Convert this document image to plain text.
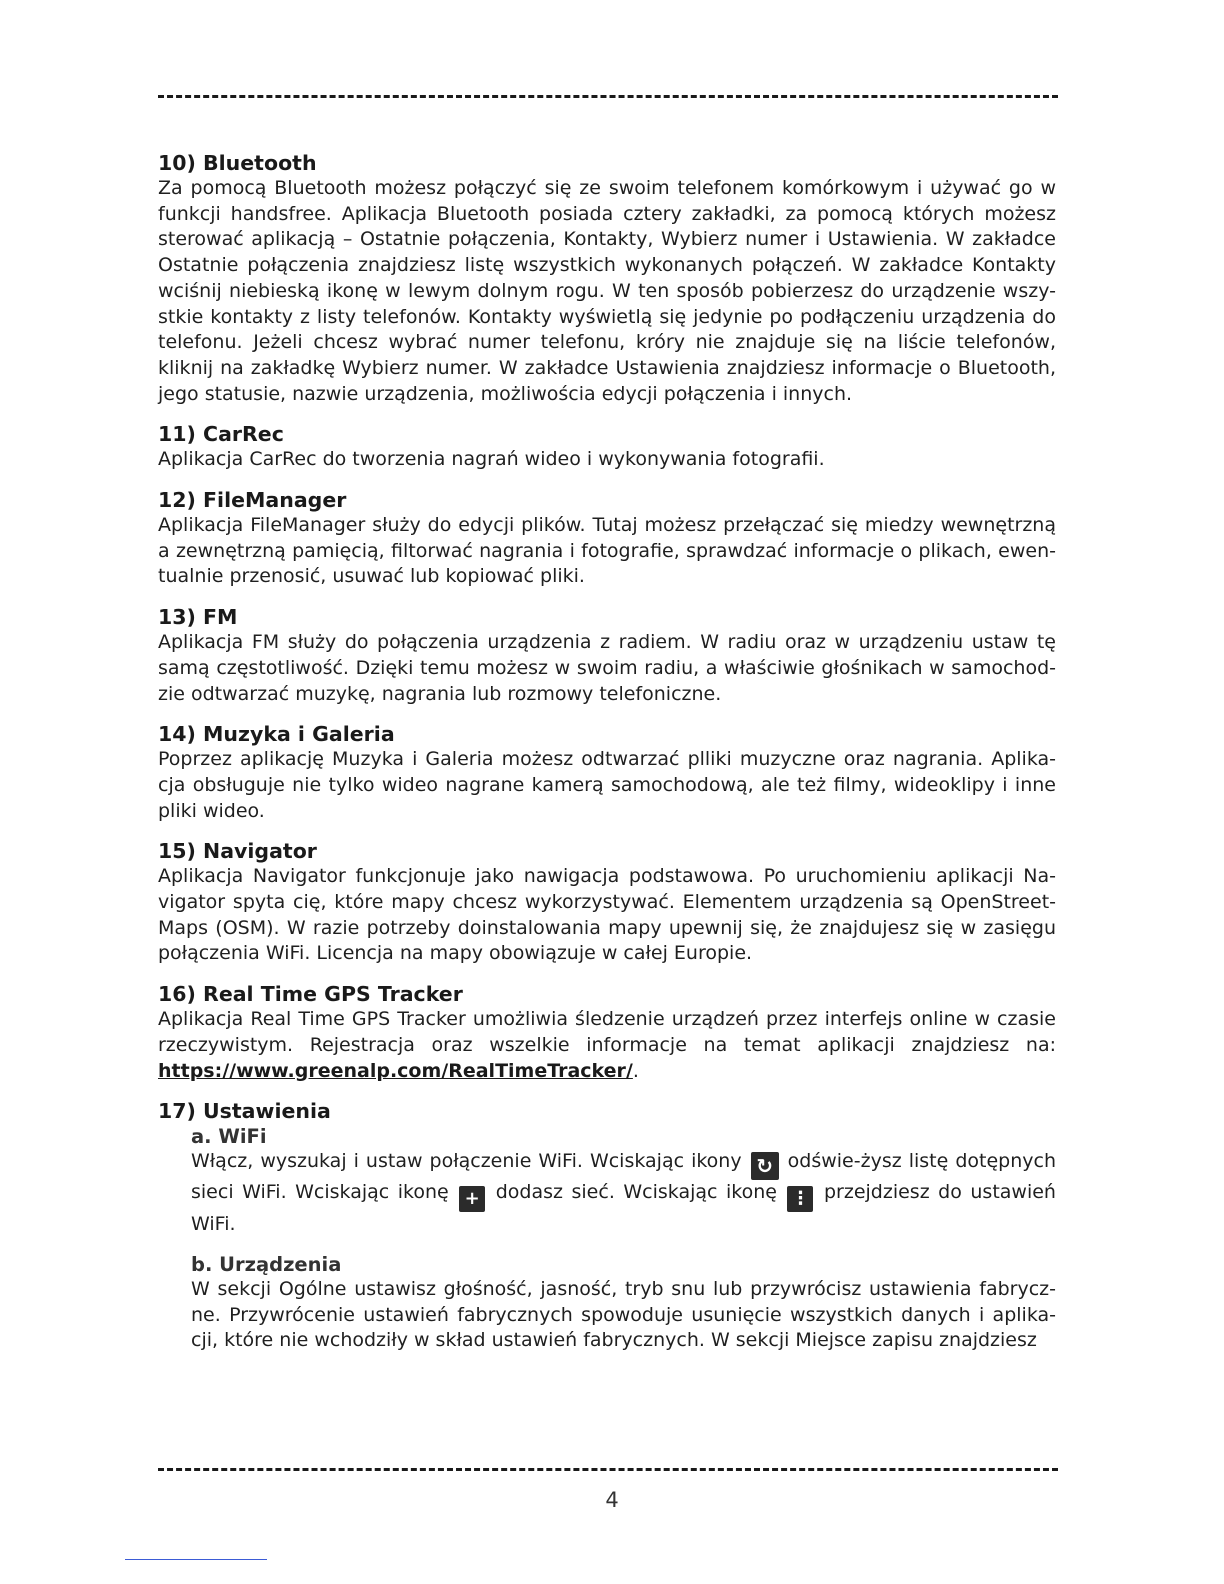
10) Bluetooth

Za pomocą Bluetooth możesz połączyć się ze swoim telefonem komórkowym i używać go w funkcji handsfree. Aplikacja Bluetooth posiada cztery zakładki, za pomocą których możesz sterować aplikacją – Ostatnie połączenia, Kontakty, Wybierz numer i Ustawienia. W zakładce Ostatnie połączenia znajdziesz listę wszystkich wykonanych połączeń. W zakładce Kontakty wciśnij niebieską ikonę w lewym dolnym rogu. W ten sposób pobierzesz do urządzenie wszy-stkie kontakty z listy telefonów. Kontakty wyświetlą się jedynie po podłączeniu urządzenia do telefonu. Jeżeli chcesz wybrać numer telefonu, króry nie znajduje się na liście telefonów, kliknij na zakładkę Wybierz numer. W zakładce Ustawienia znajdziesz informacje o Bluetooth, jego statusie, nazwie urządzenia, możliwościa edycji połączenia i innych.

11) CarRec

Aplikacja CarRec do tworzenia nagrań wideo i wykonywania fotografii.

12) FileManager

Aplikacja FileManager służy do edycji plików. Tutaj możesz przełączać się miedzy wewnętrzną a zewnętrzną pamięcią, filtorwać nagrania i fotografie, sprawdzać informacje o plikach, ewen-tualnie przenosić, usuwać lub kopiować pliki.

13) FM

Aplikacja FM służy do połączenia urządzenia z radiem. W radiu oraz w urządzeniu ustaw tę samą częstotliwość. Dzięki temu możesz w swoim radiu, a właściwie głośnikach w samochod-zie odtwarzać muzykę, nagrania lub rozmowy telefoniczne.

14) Muzyka i Galeria

Poprzez aplikację Muzyka i Galeria możesz odtwarzać plliki muzyczne oraz nagrania. Aplika-cja obsługuje nie tylko wideo nagrane kamerą samochodową, ale też filmy, wideoklipy i inne pliki wideo.

15) Navigator

Aplikacja Navigator funkcjonuje jako nawigacja podstawowa. Po uruchomieniu aplikacji Na-vigator spyta cię, które mapy chcesz wykorzystywać. Elementem urządzenia są OpenStreet-Maps (OSM). W razie potrzeby doinstalowania mapy upewnij się, że znajdujesz się w zasięgu połączenia WiFi. Licencja na mapy obowiązuje w całej Europie.

16) Real Time GPS Tracker

Aplikacja Real Time GPS Tracker umożliwia śledzenie urządzeń przez interfejs online w czasie rzeczywistym. Rejestracja oraz wszelkie informacje na temat aplikacji znajdziesz na: https://www.greenalp.com/RealTimeTracker/.

17) Ustawienia
a. WiFi

Włącz, wyszukaj i ustaw połączenie WiFi. Wciskając ikony ↻ odświe-żysz listę dotępnych sieci WiFi. Wciskając ikonę + dodasz sieć. Wciskając ikonę ⋮ przejdziesz do ustawień WiFi.

b. Urządzenia

W sekcji Ogólne ustawisz głośność, jasność, tryb snu lub przywrócisz ustawienia fabrycz-ne. Przywrócenie ustawień fabrycznych spowoduje usunięcie wszystkich danych i aplika-cji, które nie wchodziły w skład ustawień fabrycznych. W sekcji Miejsce zapisu znajdziesz

4
